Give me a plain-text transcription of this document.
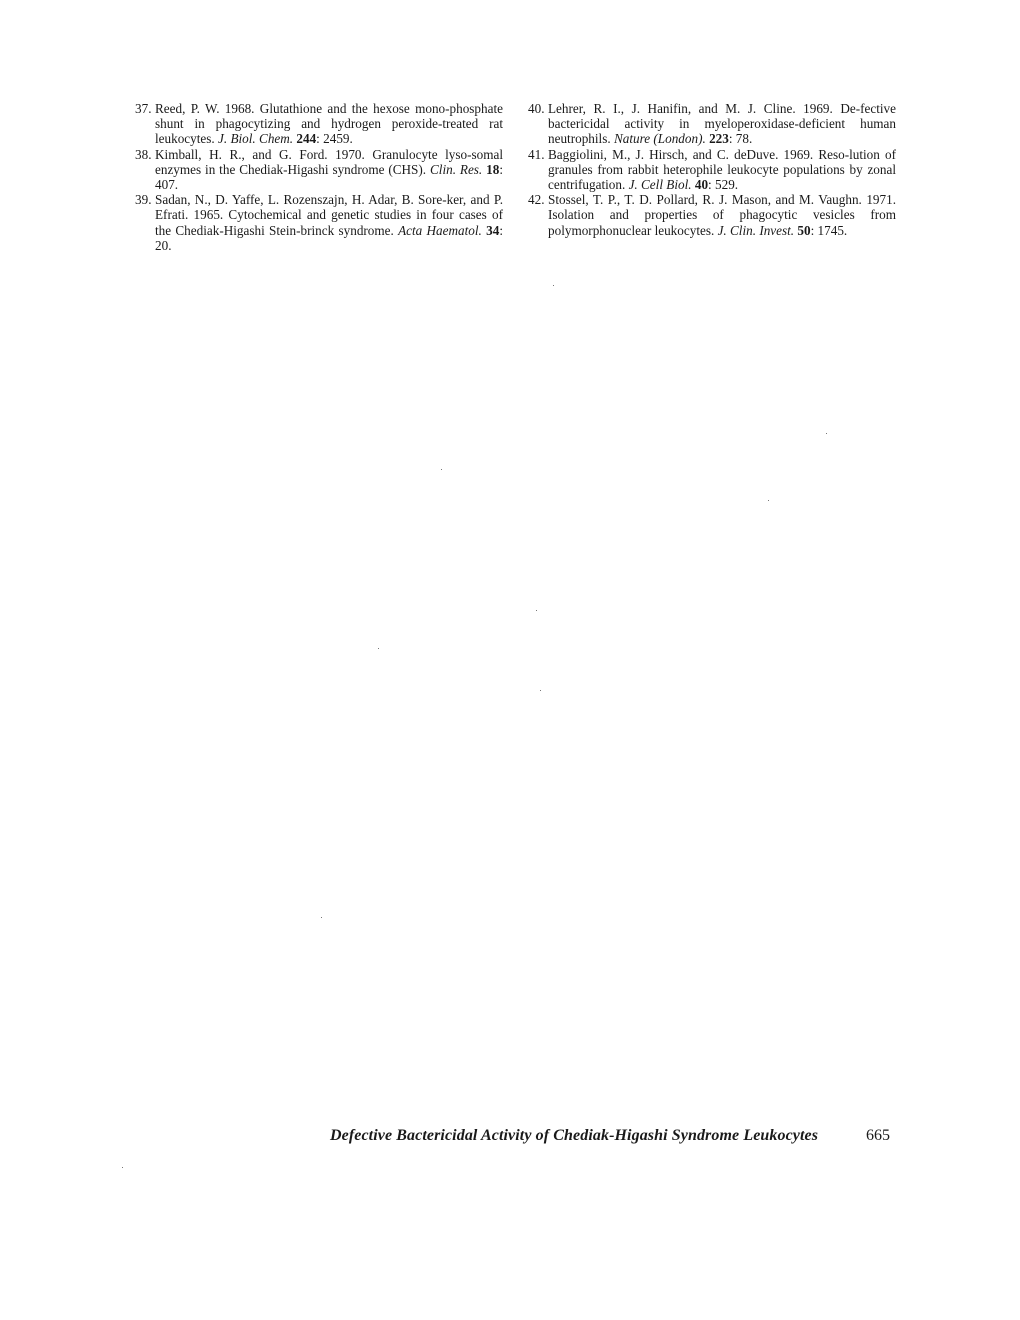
37. Reed, P. W. 1968. Glutathione and the hexose mono-phosphate shunt in phagocytizing and hydrogen peroxide-treated rat leukocytes. J. Biol. Chem. 244: 2459.

38. Kimball, H. R., and G. Ford. 1970. Granulocyte lyso-somal enzymes in the Chediak-Higashi syndrome (CHS). Clin. Res. 18: 407.

39. Sadan, N., D. Yaffe, L. Rozenszajn, H. Adar, B. Sore-ker, and P. Efrati. 1965. Cytochemical and genetic studies in four cases of the Chediak-Higashi Stein-brinck syndrome. Acta Haematol. 34: 20.

40. Lehrer, R. I., J. Hanifin, and M. J. Cline. 1969. De-fective bactericidal activity in myeloperoxidase-deficient human neutrophils. Nature (London). 223: 78.

41. Baggiolini, M., J. Hirsch, and C. deDuve. 1969. Reso-lution of granules from rabbit heterophile leukocyte populations by zonal centrifugation. J. Cell Biol. 40: 529.

42. Stossel, T. P., T. D. Pollard, R. J. Mason, and M. Vaughn. 1971. Isolation and properties of phagocytic vesicles from polymorphonuclear leukocytes. J. Clin. Invest. 50: 1745.

Defective Bactericidal Activity of Chediak-Higashi Syndrome Leukocytes	665
